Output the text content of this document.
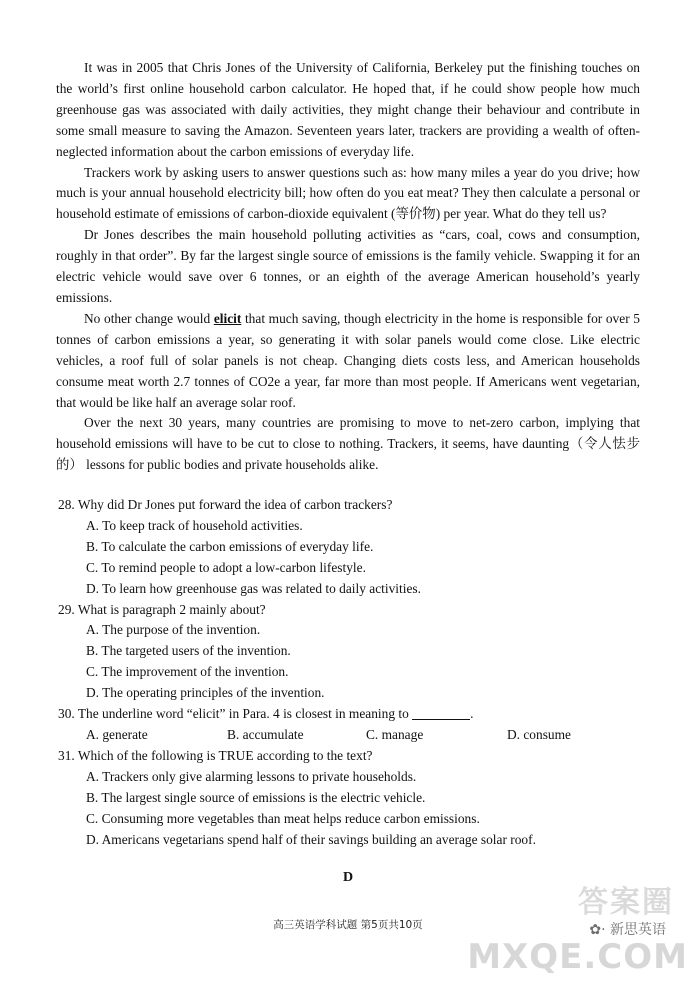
It was in 2005 that Chris Jones of the University of California, Berkeley put the finishing touches on the world’s first online household carbon calculator. He hoped that, if he could show people how much greenhouse gas was associated with daily activities, they might change their behaviour and contribute in some small measure to saving the Amazon. Seventeen years later, trackers are providing a wealth of often-neglected information about the carbon emissions of everyday life.

Trackers work by asking users to answer questions such as: how many miles a year do you drive; how much is your annual household electricity bill; how often do you eat meat? They then calculate a personal or household estimate of emissions of carbon-dioxide equivalent (等价物) per year. What do they tell us?

Dr Jones describes the main household polluting activities as “cars, coal, cows and consumption, roughly in that order”. By far the largest single source of emissions is the family vehicle. Swapping it for an electric vehicle would save over 6 tonnes, or an eighth of the average American household’s yearly emissions.

No other change would elicit that much saving, though electricity in the home is responsible for over 5 tonnes of carbon emissions a year, so generating it with solar panels would come close. Like electric vehicles, a roof full of solar panels is not cheap. Changing diets costs less, and American households consume meat worth 2.7 tonnes of CO2e a year, far more than most people. If Americans went vegetarian, that would be like half an average solar roof.

Over the next 30 years, many countries are promising to move to net-zero carbon, implying that household emissions will have to be cut to close to nothing. Trackers, it seems, have daunting（令人怯步的） lessons for public bodies and private households alike.

28. Why did Dr Jones put forward the idea of carbon trackers?

A. To keep track of household activities.

B. To calculate the carbon emissions of everyday life.

C. To remind people to adopt a low-carbon lifestyle.

D. To learn how greenhouse gas was related to daily activities.

29. What is paragraph 2 mainly about?

A. The purpose of the invention.

B. The targeted users of the invention.

C. The improvement of the invention.

D. The operating principles of the invention.

30. The underline word “elicit” in Para. 4 is closest in meaning to	.

A. generate	B. accumulate	C. manage	D. consume

31. Which of the following is TRUE according to the text?

A. Trackers only give alarming lessons to private households.

B. The largest single source of emissions is the electric vehicle.

C. Consuming more vegetables than meat helps reduce carbon emissions.

D. Americans vegetarians spend half of their savings building an average solar roof.

D
高三英语学科试题 第5页共10页
答案圈
✿· 新思英语
MXQE.COM
